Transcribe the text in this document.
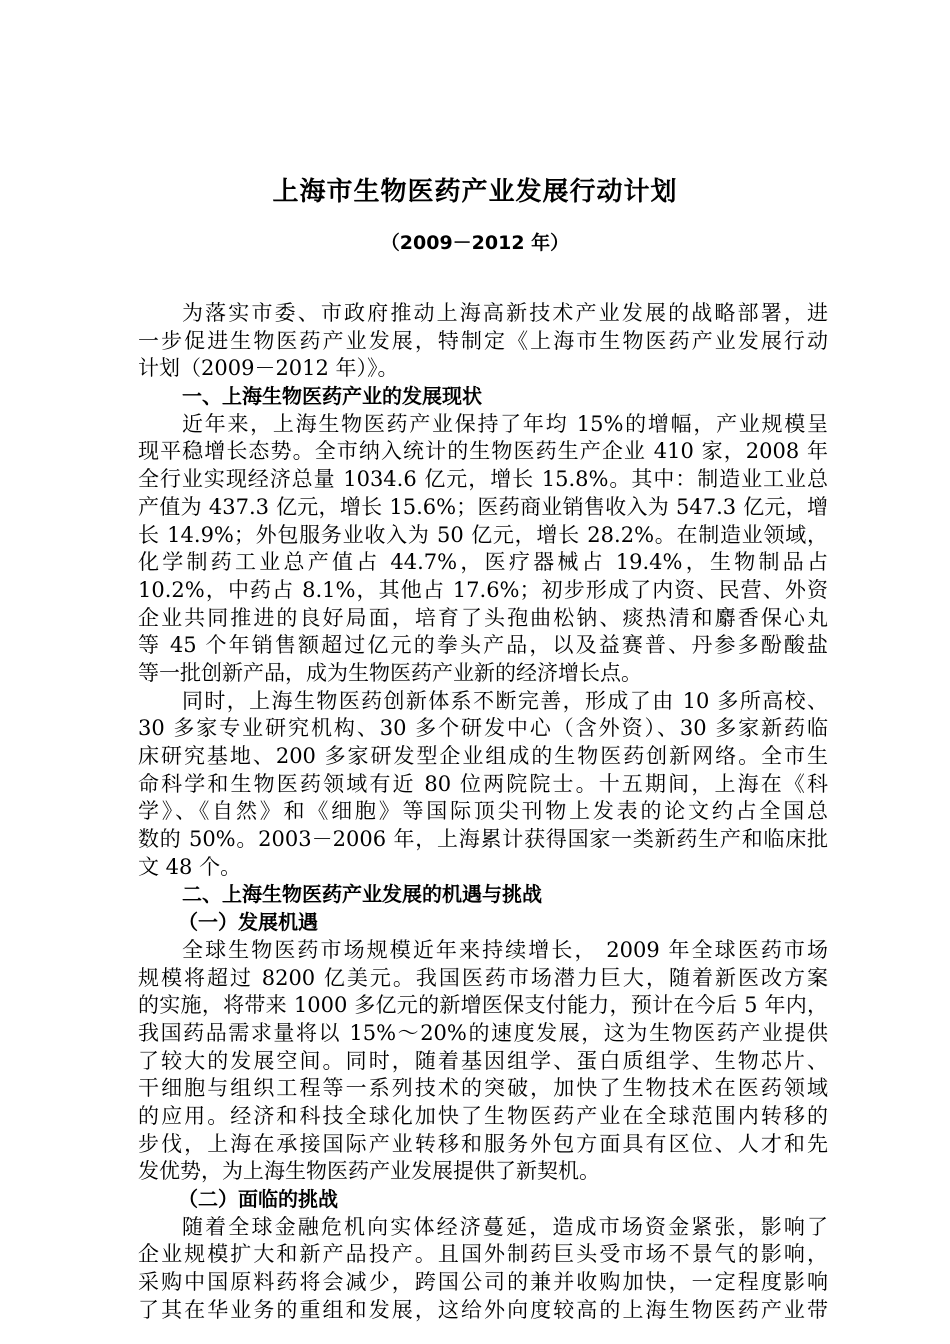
上海市生物医药产业发展行动计划
（2009－2012 年）
为落实市委、市政府推动上海高新技术产业发展的战略部署，进
一步促进生物医药产业发展，特制定《上海市生物医药产业发展行动
计划（2009－2012 年）》。
一、上海生物医药产业的发展现状
近年来，上海生物医药产业保持了年均 15%的增幅，产业规模呈
现平稳增长态势。全市纳入统计的生物医药生产企业 410 家，2008 年
全行业实现经济总量 1034.6 亿元，增长 15.8%。其中：制造业工业总
产值为 437.3 亿元，增长 15.6%；医药商业销售收入为 547.3 亿元，增
长 14.9%；外包服务业收入为 50 亿元，增长 28.2%。在制造业领域，
化学制药工业总产值占 44.7%，医疗器械占 19.4%，生物制品占
10.2%，中药占 8.1%，其他占 17.6%；初步形成了内资、民营、外资
企业共同推进的良好局面，培育了头孢曲松钠、痰热清和麝香保心丸
等 45 个年销售额超过亿元的拳头产品，以及益赛普、丹参多酚酸盐
等一批创新产品，成为生物医药产业新的经济增长点。
同时，上海生物医药创新体系不断完善，形成了由 10 多所高校、
30 多家专业研究机构、30 多个研发中心（含外资）、30 多家新药临
床研究基地、200 多家研发型企业组成的生物医药创新网络。全市生
命科学和生物医药领域有近 80 位两院院士。十五期间，上海在《科
学》、《自然》和《细胞》等国际顶尖刊物上发表的论文约占全国总
数的 50%。2003－2006 年，上海累计获得国家一类新药生产和临床批
文 48 个。
二、上海生物医药产业发展的机遇与挑战
（一）发展机遇
全球生物医药市场规模近年来持续增长， 2009 年全球医药市场
规模将超过 8200 亿美元。我国医药市场潜力巨大，随着新医改方案
的实施，将带来 1000 多亿元的新增医保支付能力，预计在今后 5 年内，
我国药品需求量将以 15%～20%的速度发展，这为生物医药产业提供
了较大的发展空间。同时，随着基因组学、蛋白质组学、生物芯片、
干细胞与组织工程等一系列技术的突破，加快了生物技术在医药领域
的应用。经济和科技全球化加快了生物医药产业在全球范围内转移的
步伐，上海在承接国际产业转移和服务外包方面具有区位、人才和先
发优势，为上海生物医药产业发展提供了新契机。
（二）面临的挑战
随着全球金融危机向实体经济蔓延，造成市场资金紧张，影响了
企业规模扩大和新产品投产。且国外制药巨头受市场不景气的影响，
采购中国原料药将会减少，跨国公司的兼并收购加快，一定程度影响
了其在华业务的重组和发展，这给外向度较高的上海生物医药产业带
